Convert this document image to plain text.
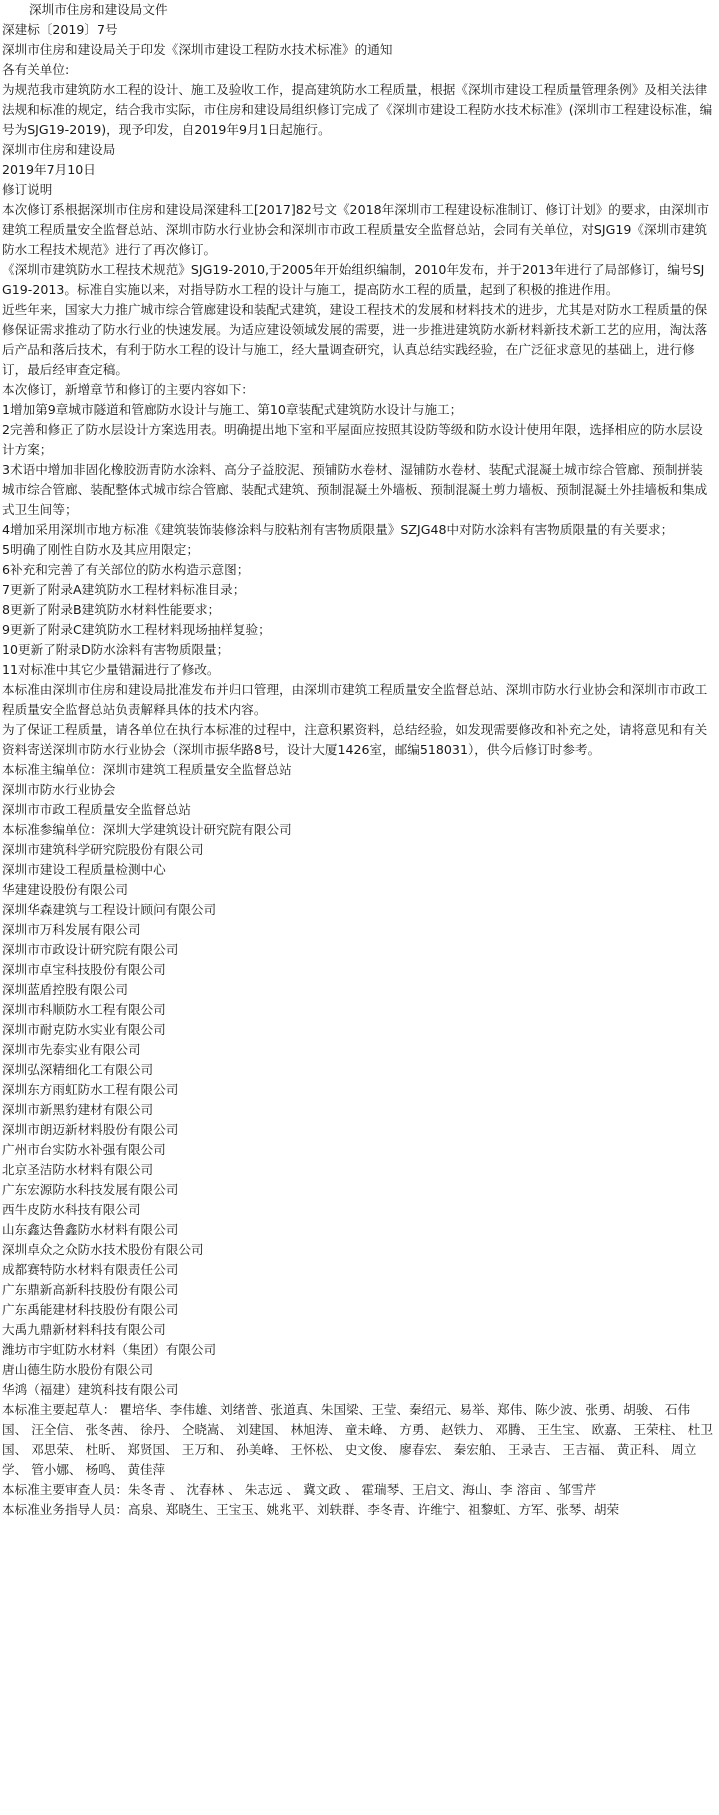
深圳市住房和建设局文件

深建标〔2019〕7号

深圳市住房和建设局关于印发《深圳市建设工程防水技术标准》的通知

各有关单位:

为规范我市建筑防水工程的设计、施工及验收工作，提高建筑防水工程质量，根据《深圳市建设工程质量管理条例》及相关法律法规和标准的规定，结合我市实际，市住房和建设局组织修订完成了《深圳市建设工程防水技术标准》(深圳市工程建设标准，编号为SJG19-2019)，现予印发，自2019年9月1日起施行。

深圳市住房和建设局

2019年7月10日

修订说明

本次修订系根据深圳市住房和建设局深建科工[2017]82号文《2018年深圳市工程建设标准制订、修订计划》的要求，由深圳市建筑工程质量安全监督总站、深圳市防水行业协会和深圳市市政工程质量安全监督总站，会同有关单位，对SJG19《深圳市建筑防水工程技术规范》进行了再次修订。

《深圳市建筑防水工程技术规范》SJG19-2010,于2005年开始组织编制，2010年发布，并于2013年进行了局部修订，编号SJG19-2013。标准自实施以来，对指导防水工程的设计与施工，提高防水工程的质量，起到了积极的推进作用。

近些年来，国家大力推广城市综合管廊建设和装配式建筑，建设工程技术的发展和材料技术的进步，尤其是对防水工程质量的保修保证需求推动了防水行业的快速发展。为适应建设领域发展的需要，进一步推进建筑防水新材料新技术新工艺的应用，淘汰落后产品和落后技术，有利于防水工程的设计与施工，经大量调查研究，认真总结实践经验，在广泛征求意见的基础上，进行修订，最后经审查定稿。

本次修订，新增章节和修订的主要内容如下：

1增加第9章城市隧道和管廊防水设计与施工、第10章装配式建筑防水设计与施工；

2完善和修正了防水层设计方案选用表。明确提出地下室和平屋面应按照其设防等级和防水设计使用年限，选择相应的防水层设计方案；

3术语中增加非固化橡胶沥青防水涂料、高分子益胶泥、预铺防水卷材、湿铺防水卷材、装配式混凝土城市综合管廊、预制拼装城市综合管廊、装配整体式城市综合管廊、装配式建筑、预制混凝土外墙板、预制混凝土剪力墙板、预制混凝土外挂墙板和集成式卫生间等；

4增加采用深圳市地方标准《建筑装饰装修涂料与胶粘剂有害物质限量》SZJG48中对防水涂料有害物质限量的有关要求；

5明确了刚性自防水及其应用限定；

6补充和完善了有关部位的防水构造示意图；

7更新了附录A建筑防水工程材料标准目录；

8更新了附录B建筑防水材料性能要求；

9更新了附录C建筑防水工程材料现场抽样复验；

10更新了附录D防水涂料有害物质限量；

11对标准中其它少量错漏进行了修改。

本标准由深圳市住房和建设局批准发布并归口管理，由深圳市建筑工程质量安全监督总站、深圳市防水行业协会和深圳市市政工程质量安全监督总站负责解释具体的技术内容。

为了保证工程质量，请各单位在执行本标准的过程中，注意积累资料，总结经验，如发现需要修改和补充之处，请将意见和有关资料寄送深圳市防水行业协会（深圳市振华路8号，设计大厦1426室，邮编518031），供今后修订时参考。

本标准主编单位：深圳市建筑工程质量安全监督总站

深圳市防水行业协会

深圳市市政工程质量安全监督总站

本标准参编单位：深圳大学建筑设计研究院有限公司

深圳市建筑科学研究院股份有限公司

深圳市建设工程质量检测中心

华建建设股份有限公司

深圳华森建筑与工程设计顾问有限公司

深圳市万科发展有限公司

深圳市市政设计研究院有限公司

深圳市卓宝科技股份有限公司

深圳蓝盾控股有限公司

深圳市科顺防水工程有限公司

深圳市耐克防水实业有限公司

深圳市先泰实业有限公司

深圳弘深精细化工有限公司

深圳东方雨虹防水工程有限公司

深圳市新黑豹建材有限公司

深圳市朗迈新材料股份有限公司

广州市台实防水补强有限公司

北京圣洁防水材料有限公司

广东宏源防水科技发展有限公司

西牛皮防水科技有限公司

山东鑫达鲁鑫防水材料有限公司

深圳卓众之众防水技术股份有限公司

成都赛特防水材料有限责任公司

广东鼎新高新科技股份有限公司

广东禹能建材科技股份有限公司

大禹九鼎新材料科技有限公司

潍坊市宇虹防水材料（集团）有限公司

唐山德生防水股份有限公司

华鸿（福建）建筑科技有限公司

本标准主要起草人： 瞿培华、李伟雄、刘绪普、张道真、朱国梁、王莹、秦绍元、易举、郑伟、陈少波、张勇、胡骏、 石伟国、 汪全信、 张冬茜、 徐丹、 仝晓嵩、 刘建国、 林旭涛、 童未峰、 方勇、 赵铁力、 邓腾、 王生宝、 欧嘉、 王荣柱、 杜卫国、 邓思荣、 杜昕、 郑贤国、 王万和、 孙美峰、 王怀松、 史文俊、 廖春宏、 秦宏舶、 王录吉、 王吉福、 黄正科、 周立学、 管小娜、 杨鸣、 黄佳萍

本标准主要审查人员：朱冬青 、 沈春林 、 朱志远 、 冀文政 、 霍瑞琴、王启文、海山、李 溶亩 、邹雪芹

本标准业务指导人员：高泉、郑晓生、王宝玉、姚兆平、刘轶群、李冬青、许维宁、祖黎虹、方军、张琴、胡荣
